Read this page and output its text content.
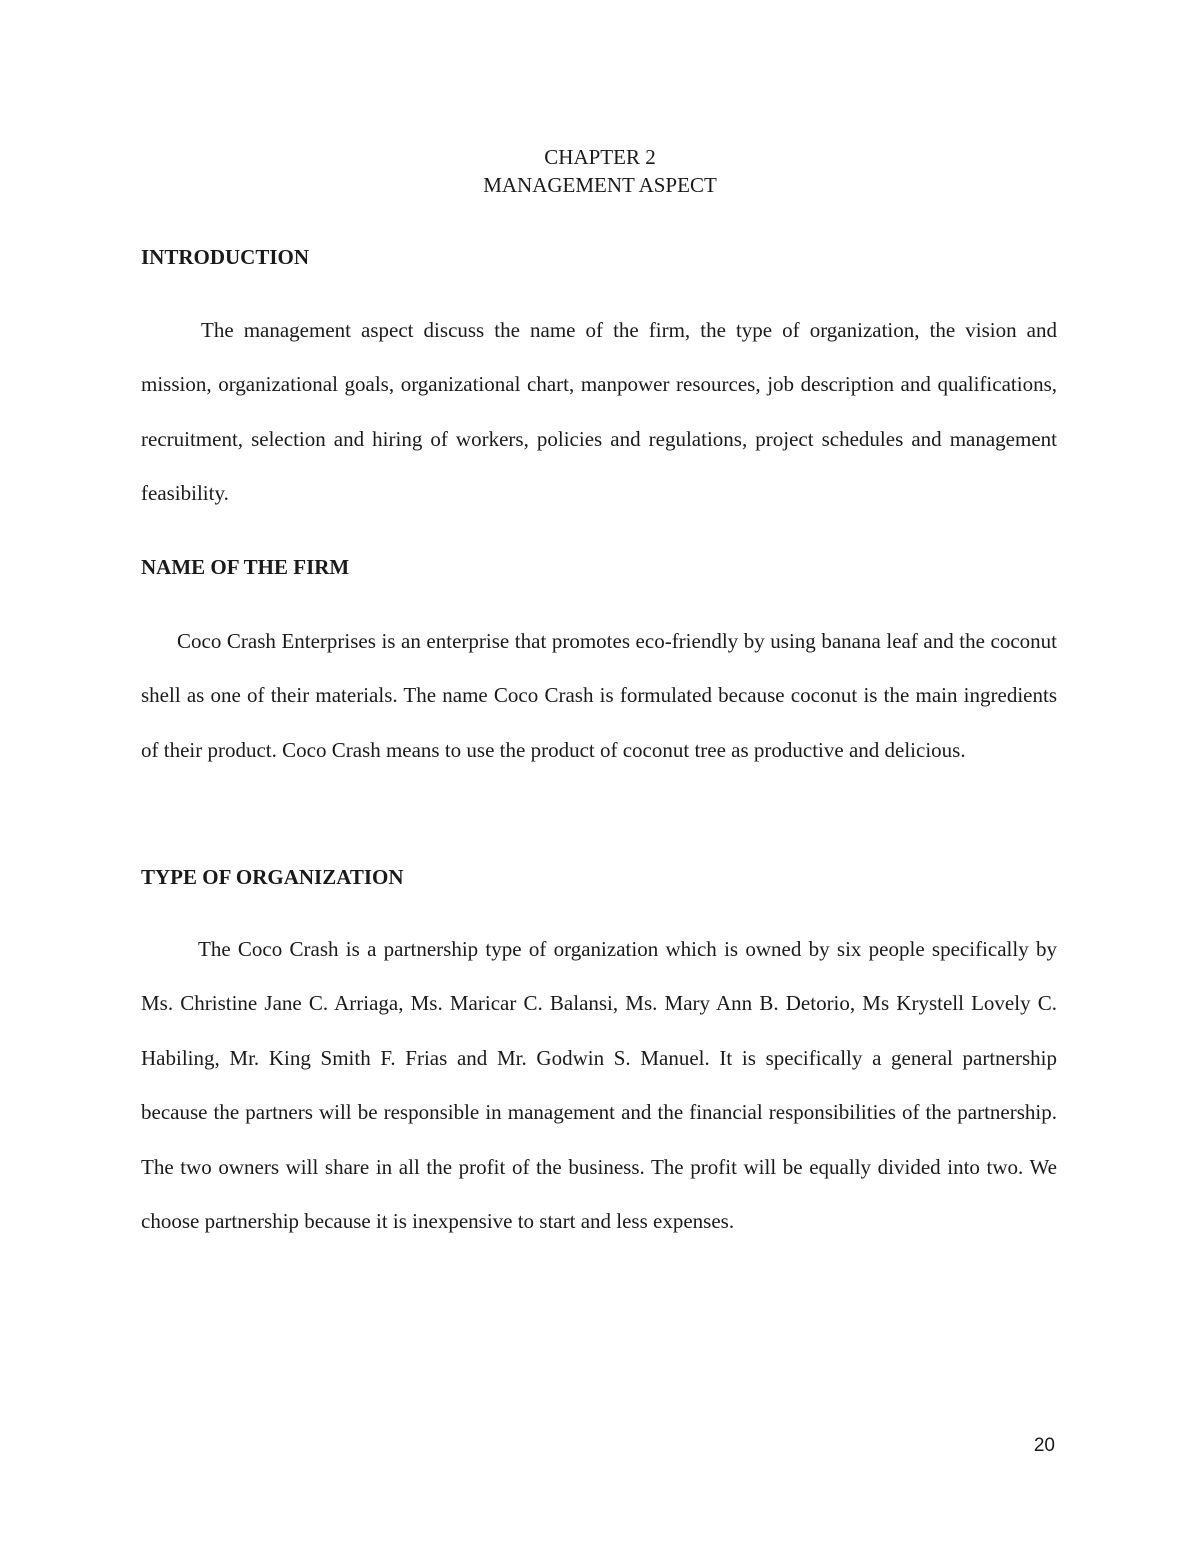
CHAPTER 2
MANAGEMENT ASPECT
INTRODUCTION

The management aspect discuss the name of the firm, the type of organization, the vision and mission, organizational goals, organizational chart, manpower resources, job description and qualifications, recruitment, selection and hiring of workers, policies and regulations, project schedules and management feasibility.

NAME OF THE FIRM

Coco Crash Enterprises is an enterprise that promotes eco-friendly by using banana leaf and the coconut shell as one of their materials. The name Coco Crash is formulated because coconut is the main ingredients of their product. Coco Crash means to use the product of coconut tree as productive and delicious.

TYPE OF ORGANIZATION

The Coco Crash is a partnership type of organization which is owned by six people specifically by Ms. Christine Jane C. Arriaga, Ms. Maricar C. Balansi, Ms. Mary Ann B. Detorio, Ms Krystell Lovely C. Habiling, Mr. King Smith F. Frias and Mr. Godwin S. Manuel. It is specifically a general partnership because the partners will be responsible in management and the financial responsibilities of the partnership. The two owners will share in all the profit of the business. The profit will be equally divided into two. We choose partnership because it is inexpensive to start and less expenses.

20
